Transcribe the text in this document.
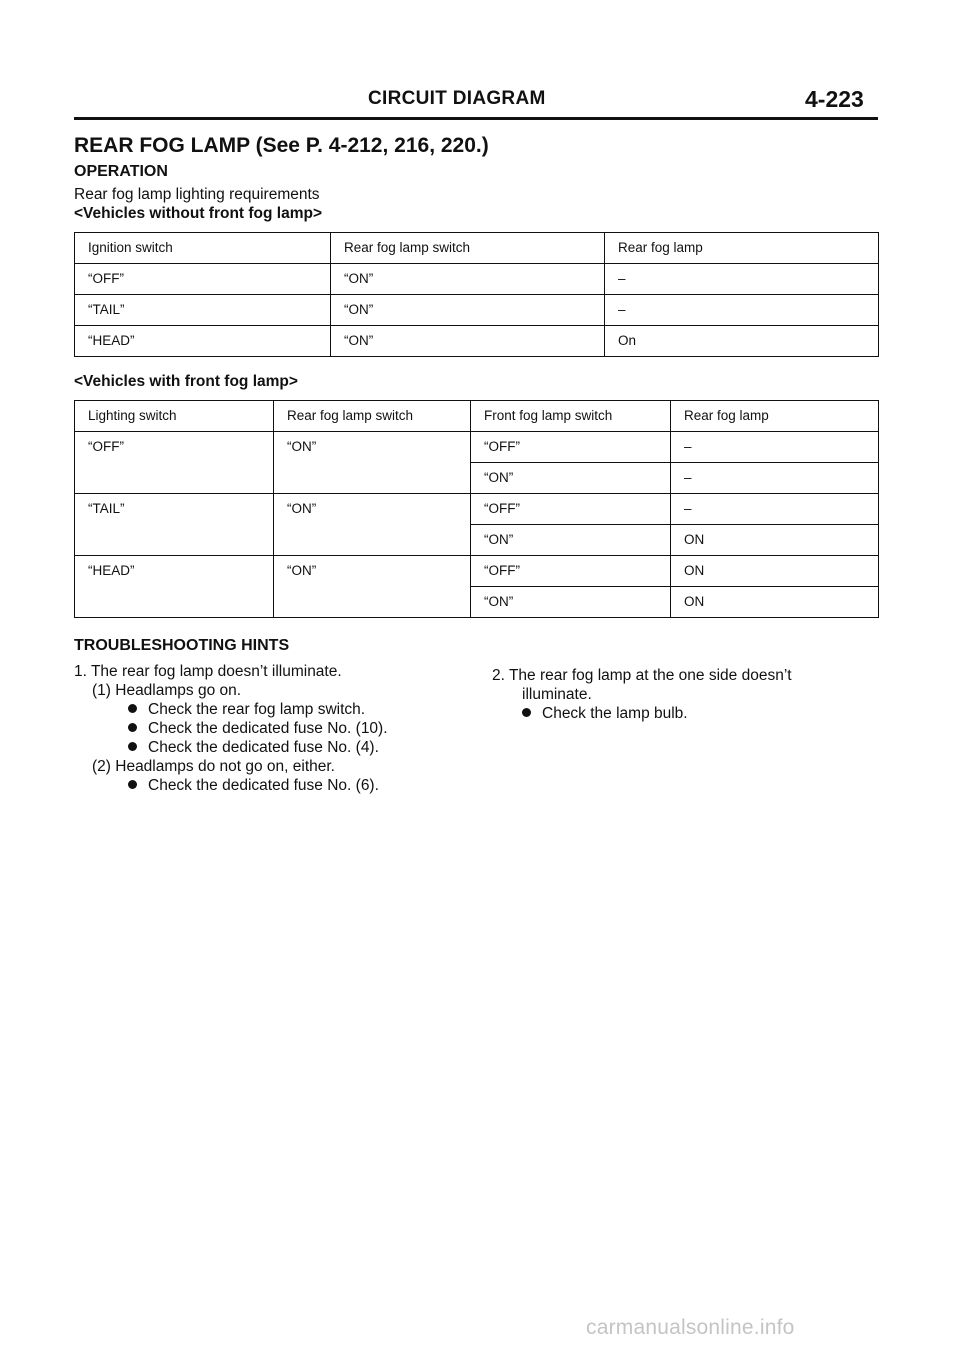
CIRCUIT DIAGRAM	4-223
REAR FOG LAMP (See P. 4-212, 216, 220.)
OPERATION
Rear fog lamp lighting requirements
<Vehicles without front fog lamp>
Ignition switch	Rear fog lamp switch	Rear fog lamp
“OFF”	“ON”	–
“TAIL”	“ON”	–
“HEAD”	“ON”	On
<Vehicles with front fog lamp>
Lighting switch	Rear fog lamp switch	Front fog lamp switch	Rear fog lamp
“OFF”	“ON”	“OFF”	–
		“ON”	–
“TAIL”	“ON”	“OFF”	–
		“ON”	ON
“HEAD”	“ON”	“OFF”	ON
		“ON”	ON
TROUBLESHOOTING HINTS
1. The rear fog lamp doesn’t illuminate.
(1) Headlamps go on.
Check the rear fog lamp switch.
Check the dedicated fuse No. (10).
Check the dedicated fuse No. (4).
(2) Headlamps do not go on, either.
Check the dedicated fuse No. (6).
2. The rear fog lamp at the one side doesn’t
illuminate.
Check the lamp bulb.
carmanualsonline.info
